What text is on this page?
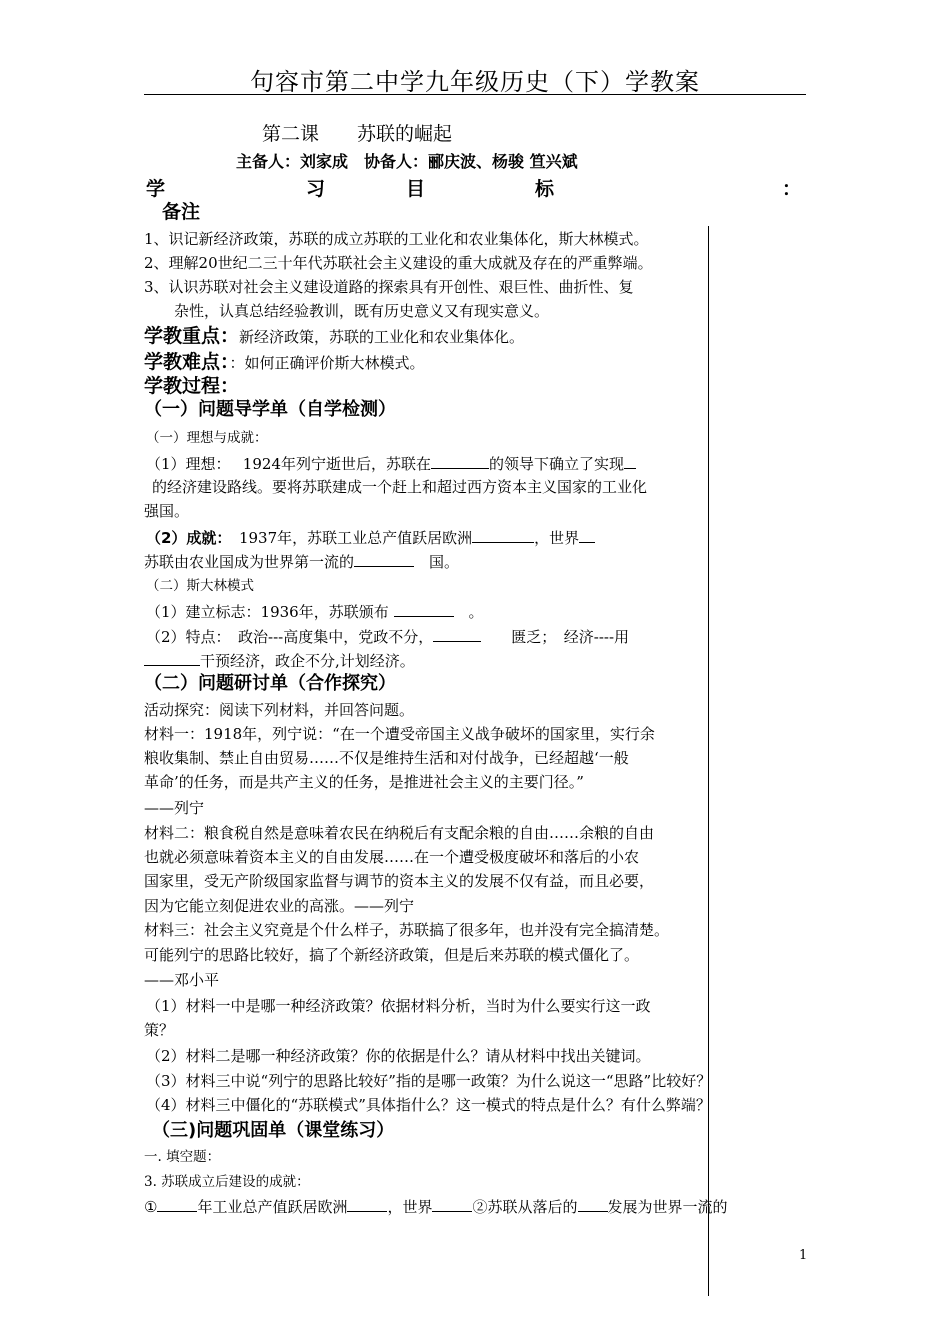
句容市第二中学九年级历史（下）学教案
第二课　　苏联的崛起
主备人：刘家成　协备人：郦庆波、杨骏 笪兴斌
学	习	目	标	：
备注
1、识记新经济政策，苏联的成立苏联的工业化和农业集体化，斯大林模式。
2、理解20世纪二三十年代苏联社会主义建设的重大成就及存在的严重弊端。
3、认识苏联对社会主义建设道路的探索具有开创性、艰巨性、曲折性、复
杂性，认真总结经验教训，既有历史意义又有现实意义。
学教重点：新经济政策，苏联的工业化和农业集体化。
学教难点：：如何正确评价斯大林模式。
学教过程：
（一）问题导学单（自学检测）
（一）理想与成就：
（1）理想：　 1924年列宁逝世后，苏联在	的领导下确立了实现
的经济建设路线。要将苏联建成一个赶上和超过西方资本主义国家的工业化
强国。
（2）成就：　1937年，苏联工业总产值跃居欧洲	，世界
苏联由农业国成为世界第一流的　	国。
（二）斯大林模式
（1）建立标志：1936年，苏联颁布 　	。
（2）特点：　政治---高度集中，党政不分，　　	匮乏；　经济----用
干预经济，政企不分,计划经济。
（二）问题研讨单（合作探究）
活动探究：阅读下列材料，并回答问题。
材料一：1918年，列宁说：“在一个遭受帝国主义战争破坏的国家里，实行余
粮收集制、禁止自由贸易……不仅是维持生活和对付战争，已经超越‘一般
革命’的任务，而是共产主义的任务，是推进社会主义的主要门径。”
——列宁
材料二：粮食税自然是意味着农民在纳税后有支配余粮的自由……余粮的自由
也就必须意味着资本主义的自由发展……在一个遭受极度破坏和落后的小农
国家里，受无产阶级国家监督与调节的资本主义的发展不仅有益，而且必要，
因为它能立刻促进农业的高涨。——列宁
材料三：社会主义究竟是个什么样子，苏联搞了很多年，也并没有完全搞清楚。
可能列宁的思路比较好，搞了个新经济政策，但是后来苏联的模式僵化了。
——邓小平
（1）材料一中是哪一种经济政策？依据材料分析，当时为什么要实行这一政
策？
（2）材料二是哪一种经济政策？你的依据是什么？请从材料中找出关键词。
（3）材料三中说“列宁的思路比较好”指的是哪一政策？为什么说这一“思路”比较好？
（4）材料三中僵化的“苏联模式”具体指什么？这一模式的特点是什么？有什么弊端？
（三)问题巩固单（课堂练习）
一. 填空题：
3. 苏联成立后建设的成就：
①	年工业总产值跃居欧洲	，世界	②苏联从落后的 发展为世界一流的
1
